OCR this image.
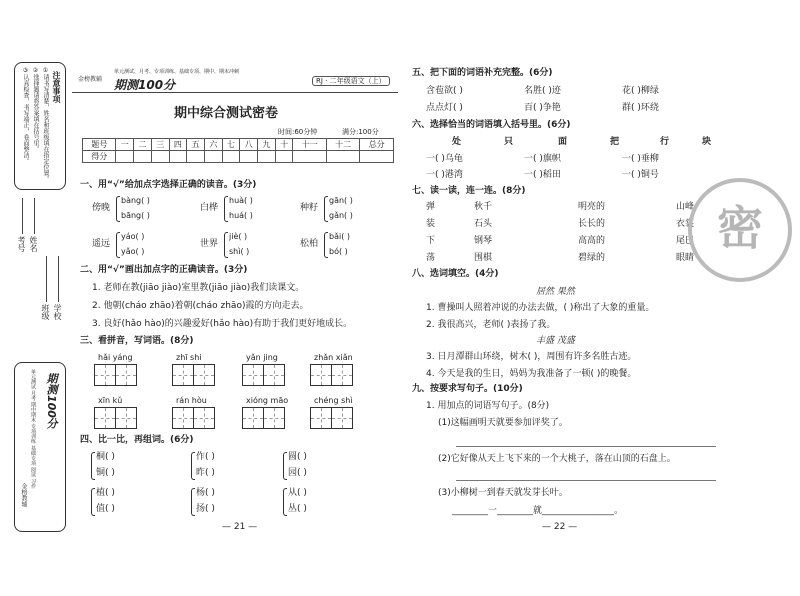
注意事项
①请书写清楚，姓名和班级填在指定位置。
②选择题请将答案填在括号里。
③认真检查，书写端正，卷面整洁。
学校
班级
姓名
考号
期测100分
单元测试 月考 期中期末 专项训练 基础专项 阅读 习作
金榜教辅
金榜教辅 期测100分
单元测试、月考、专项训练、基础专项、期中、期末冲刺
期中综合测试密卷
时间:60分钟	满分:100分
题号	一	二	三	四	五	六	七	八	九	十	十一	十二	总分
得分													
一、用“√”给加点字选择正确的读音。(3分)
傍晚
bàng( )
bāng( )
白桦
huà( )
huá( )
种籽
gān( )
gǎn( )
遥远
yáo( )
yǎo( )
世界
jiè( )
shì( )
松柏
bǎi( )
bó( )
二、用“√”画出加点字的正确读音。(3分)
1. 老师在教(jiāo jiào)室里教(jiāo jiào)我们读课文。
2. 他朝(cháo zhāo)着朝(cháo zhāo)霞的方向走去。
3. 良好(hǎo hào)的兴趣爱好(hǎo hào)有助于我们更好地成长。
三、看拼音，写词语。(8分)
hǎi yáng	zhī shi	yǎn jing	zhǎn xiǎn
xīn kǔ	rán hòu	xióng māo	chéng shì
四、比一比，再组词。(6分)
桐( )	作( )	圆( )
铜( )	昨( )	园( )
植( )	杨( )	从( )
值( )	扬( )	丛( )
— 21 —
RJ · 二年级语文（上）
五、把下面的词语补充完整。(6分)
含苞欲( )	名胜( )迹	花( )柳绿
点点灯( )	百( )争艳	群( )环绕
六、选择恰当的词语填入括号里。(6分)
处	只	面	把	行	块
一( )乌龟	一( )旗帜	一( )垂柳
一( )港湾	一( )稻田	一( )铜号
七、读一读，连一连。(8分)
弹
装
下
荡
秋千
石头
钢琴
围棋
明亮的
长长的
高高的
碧绿的
山峰
衣裳
尾巴
眼睛
八、选词填空。(4分)
居然 果然
1. 曹操叫人照着冲说的办法去做，( )称出了大象的重量。
2. 我很高兴，老师( )表扬了我。
丰盛 茂盛
3. 日月潭群山环绕，树木( )，周围有许多名胜古迹。
4. 今天是我的生日，妈妈为我准备了一顿( )的晚餐。
九、按要求写句子。(10分)
1. 用加点的词语写句子。(8分)
(1)这幅画明天就要参加评奖了。
(2)它好像从天上飞下来的一个大桃子，落在山顶的石盘上。
(3)小柳树一到春天就发芽长叶。
________一________就________________。
— 22 —
密
